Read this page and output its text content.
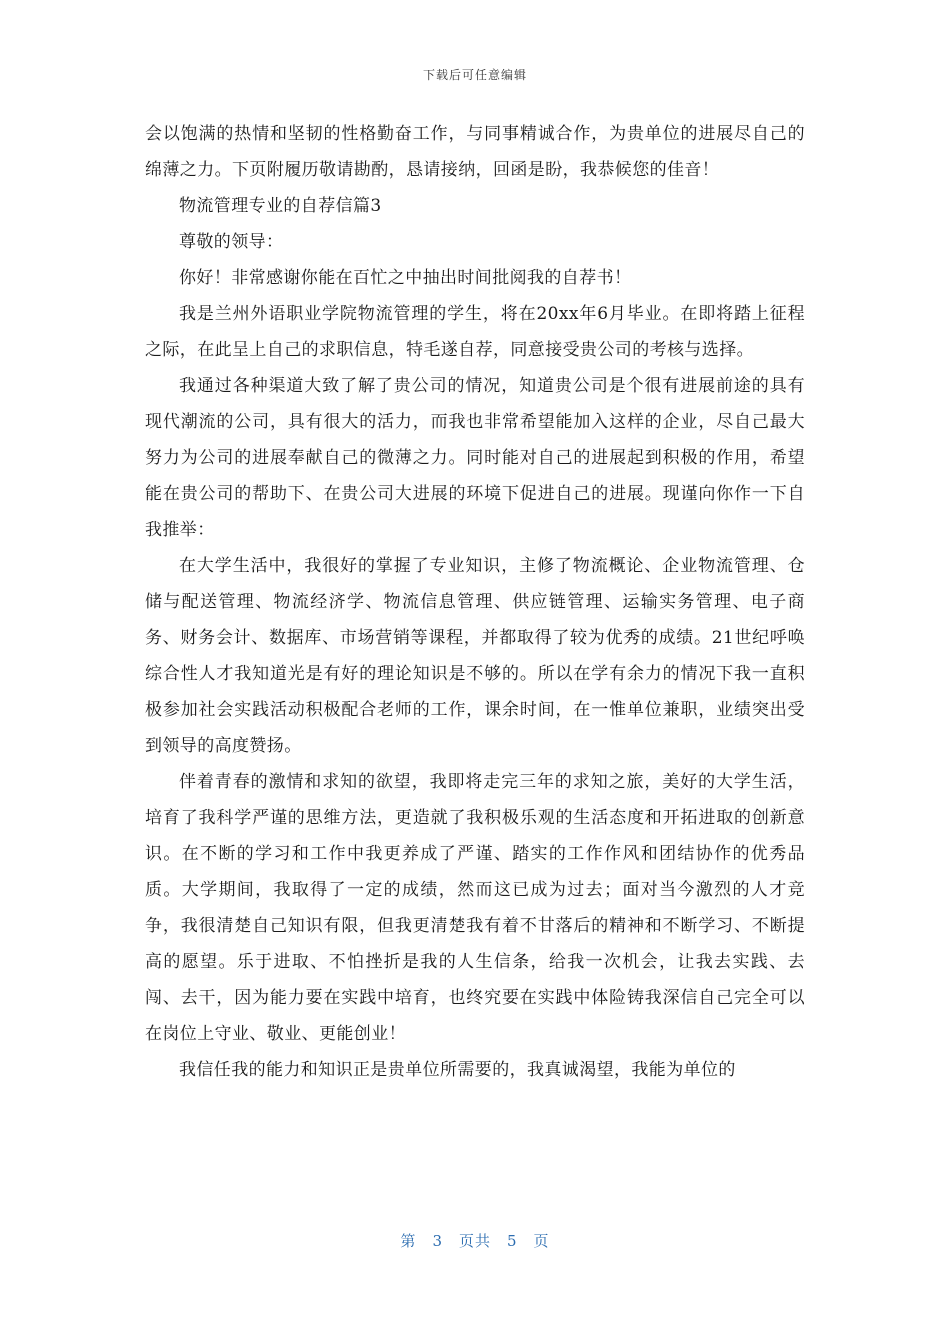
下载后可任意编辑

会以饱满的热情和坚韧的性格勤奋工作，与同事精诚合作，为贵单位的进展尽自己的绵薄之力。下页附履历敬请勘酌，恳请接纳，回函是盼，我恭候您的佳音！

物流管理专业的自荐信篇3

尊敬的领导：

你好！非常感谢你能在百忙之中抽出时间批阅我的自荐书！

我是兰州外语职业学院物流管理的学生，将在20xx年6月毕业。在即将踏上征程之际，在此呈上自己的求职信息，特毛遂自荐，同意接受贵公司的考核与选择。

我通过各种渠道大致了解了贵公司的情况，知道贵公司是个很有进展前途的具有现代潮流的公司，具有很大的活力，而我也非常希望能加入这样的企业，尽自己最大努力为公司的进展奉献自己的微薄之力。同时能对自己的进展起到积极的作用，希望能在贵公司的帮助下、在贵公司大进展的环境下促进自己的进展。现谨向你作一下自我推举：

在大学生活中，我很好的掌握了专业知识，主修了物流概论、企业物流管理、仓储与配送管理、物流经济学、物流信息管理、供应链管理、运输实务管理、电子商务、财务会计、数据库、市场营销等课程，并都取得了较为优秀的成绩。21世纪呼唤综合性人才我知道光是有好的理论知识是不够的。所以在学有余力的情况下我一直积极参加社会实践活动积极配合老师的工作，课余时间，在一惟单位兼职，业绩突出受到领导的高度赞扬。

伴着青春的激情和求知的欲望，我即将走完三年的求知之旅，美好的大学生活，培育了我科学严谨的思维方法，更造就了我积极乐观的生活态度和开拓进取的创新意识。在不断的学习和工作中我更养成了严谨、踏实的工作作风和团结协作的优秀品质。大学期间，我取得了一定的成绩，然而这已成为过去；面对当今激烈的人才竞争，我很清楚自己知识有限，但我更清楚我有着不甘落后的精神和不断学习、不断提高的愿望。乐于进取、不怕挫折是我的人生信条，给我一次机会，让我去实践、去闯、去干，因为能力要在实践中培育，也终究要在实践中体险铸我深信自己完全可以在岗位上守业、敬业、更能创业！

我信任我的能力和知识正是贵单位所需要的，我真诚渴望，我能为单位的

第 3 页共 5 页
